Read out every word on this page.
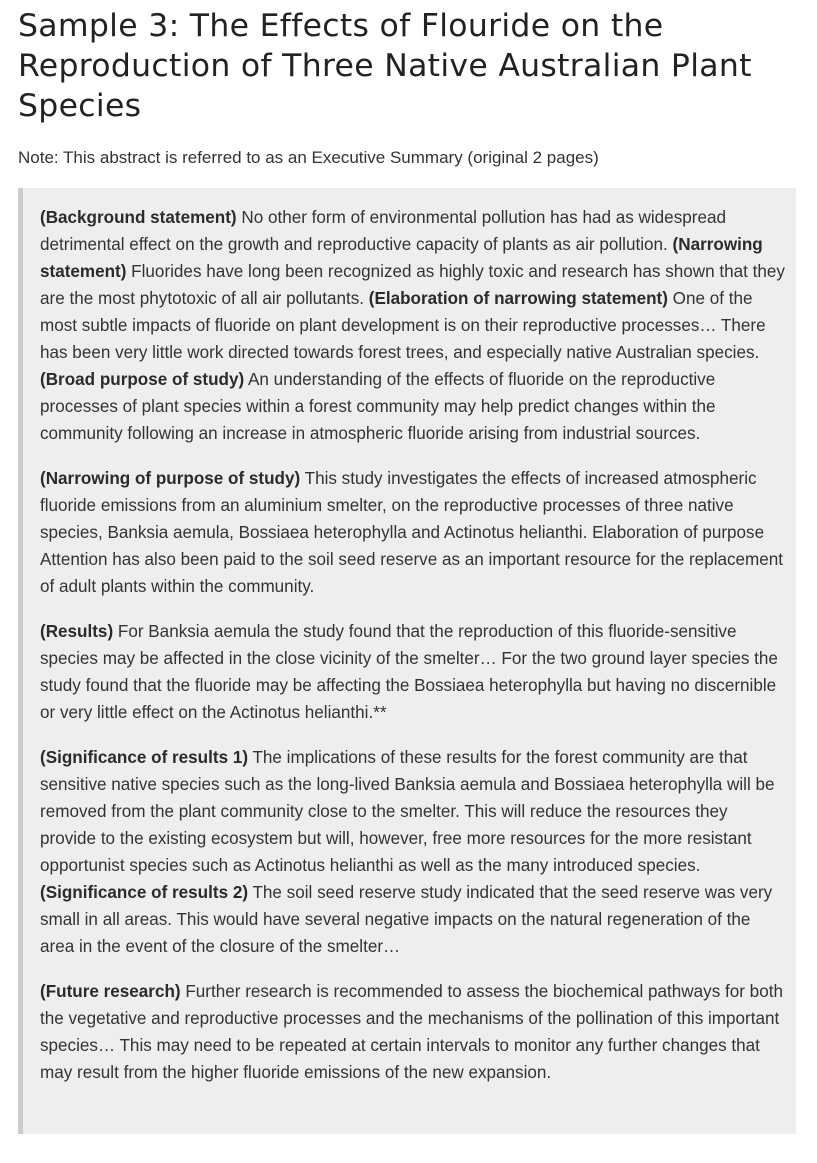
Sample 3: The Effects of Flouride on the Reproduction of Three Native Australian Plant Species

Note: This abstract is referred to as an Executive Summary (original 2 pages)

(Background statement) No other form of environmental pollution has had as widespread detrimental effect on the growth and reproductive capacity of plants as air pollution. (Narrowing statement) Fluorides have long been recognized as highly toxic and research has shown that they are the most phytotoxic of all air pollutants. (Elaboration of narrowing statement) One of the most subtle impacts of fluoride on plant development is on their reproductive processes… There has been very little work directed towards forest trees, and especially native Australian species. (Broad purpose of study) An understanding of the effects of fluoride on the reproductive processes of plant species within a forest community may help predict changes within the community following an increase in atmospheric fluoride arising from industrial sources.

(Narrowing of purpose of study) This study investigates the effects of increased atmospheric fluoride emissions from an aluminium smelter, on the reproductive processes of three native species, Banksia aemula, Bossiaea heterophylla and Actinotus helianthi. Elaboration of purpose Attention has also been paid to the soil seed reserve as an important resource for the replacement of adult plants within the community.

(Results) For Banksia aemula the study found that the reproduction of this fluoride-sensitive species may be affected in the close vicinity of the smelter… For the two ground layer species the study found that the fluoride may be affecting the Bossiaea heterophylla but having no discernible or very little effect on the Actinotus helianthi.**

(Significance of results 1) The implications of these results for the forest community are that sensitive native species such as the long-lived Banksia aemula and Bossiaea heterophylla will be removed from the plant community close to the smelter. This will reduce the resources they provide to the existing ecosystem but will, however, free more resources for the more resistant opportunist species such as Actinotus helianthi as well as the many introduced species. (Significance of results 2) The soil seed reserve study indicated that the seed reserve was very small in all areas. This would have several negative impacts on the natural regeneration of the area in the event of the closure of the smelter…

(Future research) Further research is recommended to assess the biochemical pathways for both the vegetative and reproductive processes and the mechanisms of the pollination of this important species… This may need to be repeated at certain intervals to monitor any further changes that may result from the higher fluoride emissions of the new expansion.
